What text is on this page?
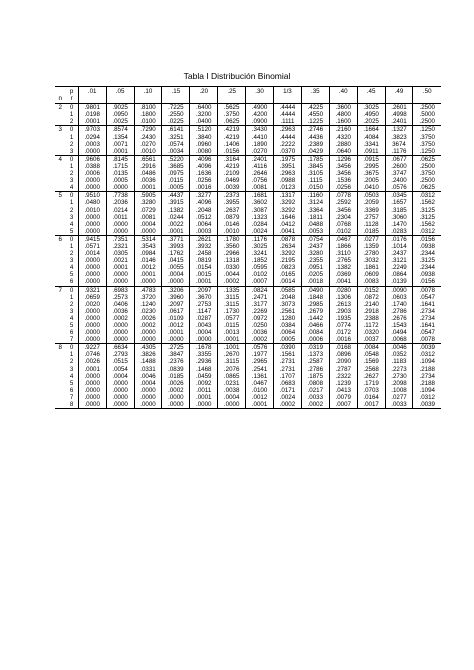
Tabla I Distribución Binomial
	p	.01	.05	.10	.15	.20	.25	.30	1/3	.35	.40	.45	.49	.50
n	r													
2	0	.9801	.9025	.8100	.7225	.6400	.5625	.4900	.4444	.4225	.3600	.3025	.2601	.2500
	1	.0198	.0950	.1800	.2550	.3200	.3750	.4200	.4444	.4550	.4800	.4950	.4998	.5000
	2	.0001	.0025	.0100	.0225	.0400	.0625	.0900	.1111	.1225	.1600	.2025	.2401	.2500
3	0	.9703	.8574	.7290	.6141	.5120	.4219	.3430	.2963	.2746	.2160	.1664	.1327	.1250
	1	.0294	.1354	.2430	.3251	.3840	.4219	.4410	.4444	.4436	.4320	.4084	.3823	.3750
	2	.0003	.0071	.0270	.0574	.0960	.1406	.1890	.2222	.2389	.2880	.3341	3674	.3750
	3	.0000	.0001	.0010	.0034	.0080	.0156	.0270	.0370	.0429	.0640	.0911	.1176	.1250
4	0	.9606	.8145	.6561	.5220	.4096	.3164	.2401	.1975	.1785	.1296	.0915	.0677	.0625
	1	.0388	.1715	.2916	.3685	.4096	.4219	.4116	.3951	.3845	.3456	.2995	.2600	.2500
	2	.0006	.0135	.0486	.0975	.1636	.2109	.2646	.2963	.3105	.3456	.3675	.3747	.3750
	3	.0000	.0005	.0036	.0115	.0256	.0469	.0756	.0988	.1115	.1536	.2005	.2400	.2500
	4	.0000	.0000	.0001	.0005	.0016	.0039	.0081	.0123	.0150	.0256	.0410	.0576	.0625
5	0	.9510	.7738	.5905	.4437	.3277	.2373	.1681	.1317	.1160	.0778	.0503	.0345	.0312
	1	.0480	.2036	.3280	.3915	.4096	.3955	.3602	.3292	.3124	.2592	.2059	.1657	.1562
	2	.0010	.0214	.0729	.1382	.2048	.2637	.3087	.3292	.3364	.3456	.3369	.3185	.3125
	3	.0000	.0011	.0081	.0244	.0512	.0879	.1323	.1646	.1811	.2304	.2757	.3060	.3125
	4	.0000	.0000	.0004	.0022	.0064	.0146	.0284	.0412	.0488	.0768	.1128	.1470	.1562
	5	.0000	.0000	.0000	.0001	.0003	.0010	.0024	.0041	.0053	.0102	.0185	.0283	.0312
6	0	.9415	.7351	.5314	.3771	.2621	.1780	.1176	.0878	.0754	.0467	.0277	.0176	.0156
	1	.0571	.2321	.3543	.3993	.3932	.3560	.3025	.2634	.2437	.1866	.1359	.1014	.0938
	2	.0014	.0305	.0984	.1762	.2458	.2966	.3241	.3292	.3280	.3110	.2780	.2437	.2344
	3	.0000	.0021	.0146	.0415	.0819	.1318	.1852	.2195	.2355	.2765	.3032	.3121	.3125
	4	.0000	.0001	.0012	.0055	.0154	.0330	.0595	.0823	.0951	.1382	.1861	.2249	.2344
	5	.0000	.0000	.0001	.0004	.0015	.0044	.0102	.0165	.0205	.0369	.0609	.0864	.0938
	6	.0000	.0000	.0000	.0000	.0001	.0002	.0007	.0014	.0018	.0041	.0083	.0139	.0156
7	0	.9321	.6983	.4783	.3206	.2097	.1335	.0824	.0585	.0490	.0280	.0152	.0090	.0078
	1	.0659	.2573	.3720	.3960	.3670	.3115	.2471	.2048	.1848	.1306	.0872	.0603	.0547
	2	.0020	.0406	.1240	.2097	.2753	.3115	.3177	.3073	.2985	.2613	.2140	.1740	.1641
	3	.0000	.0036	.0230	.0617	.1147	.1730	.2269	.2561	.2679	.2903	.2918	.2786	.2734
	4	.0000	.0002	.0026	.0109	.0287	.0577	.0972	.1280	.1442	.1935	.2388	.2676	.2734
	5	.0000	.0000	.0002	.0012	.0043	.0115	.0250	.0384	.0466	.0774	.1172	.1543	.1641
	6	.0000	.0000	.0000	.0001	.0004	.0013	.0036	.0064	.0084	.0172	.0320	.0494	.0547
	7	.0000	.0000	.0000	.0000	.0000	.0001	.0002	.0005	.0006	.0016	.0037	.0068	.0078
8	0	.9227	.6634	.4305	.2725	.1678	.1001	.0576	.0390	.0319	.0168	.0084	.0046	.0039
	1	.0746	.2793	.3826	.3847	.3355	.2670	.1977	.1561	.1373	.0896	.0548	.0352	.0312
	2	.0026	.0515	.1488	.2376	.2936	.3115	.2965	.2731	.2587	.2090	.1569	.1183	.1094
	3	.0001	.0054	.0331	.0839	.1468	.2076	.2541	.2731	.2786	.2787	.2568	.2273	.2188
	4	.0000	.0004	.0046	.0185	.0459	.0865	.1361	.1707	.1875	.2322	.2627	.2730	.2734
	5	.0000	.0000	.0004	.0026	.0092	.0231	.0467	.0683	.0808	.1239	.1719	.2098	.2188
	6	.0000	.0000	.0000	.0002	.0011	.0038	.0100	.0171	.0217	.0413	.0703	.1008	.1094
	7	.0000	.0000	.0000	.0000	.0001	.0004	.0012	.0024	.0033	.0079	.0164	.0277	.0312
	8	.0000	.0000	.0000	.0000	.0000	.0000	.0001	.0002	.0002	.0007	.0017	.0033	.0039
